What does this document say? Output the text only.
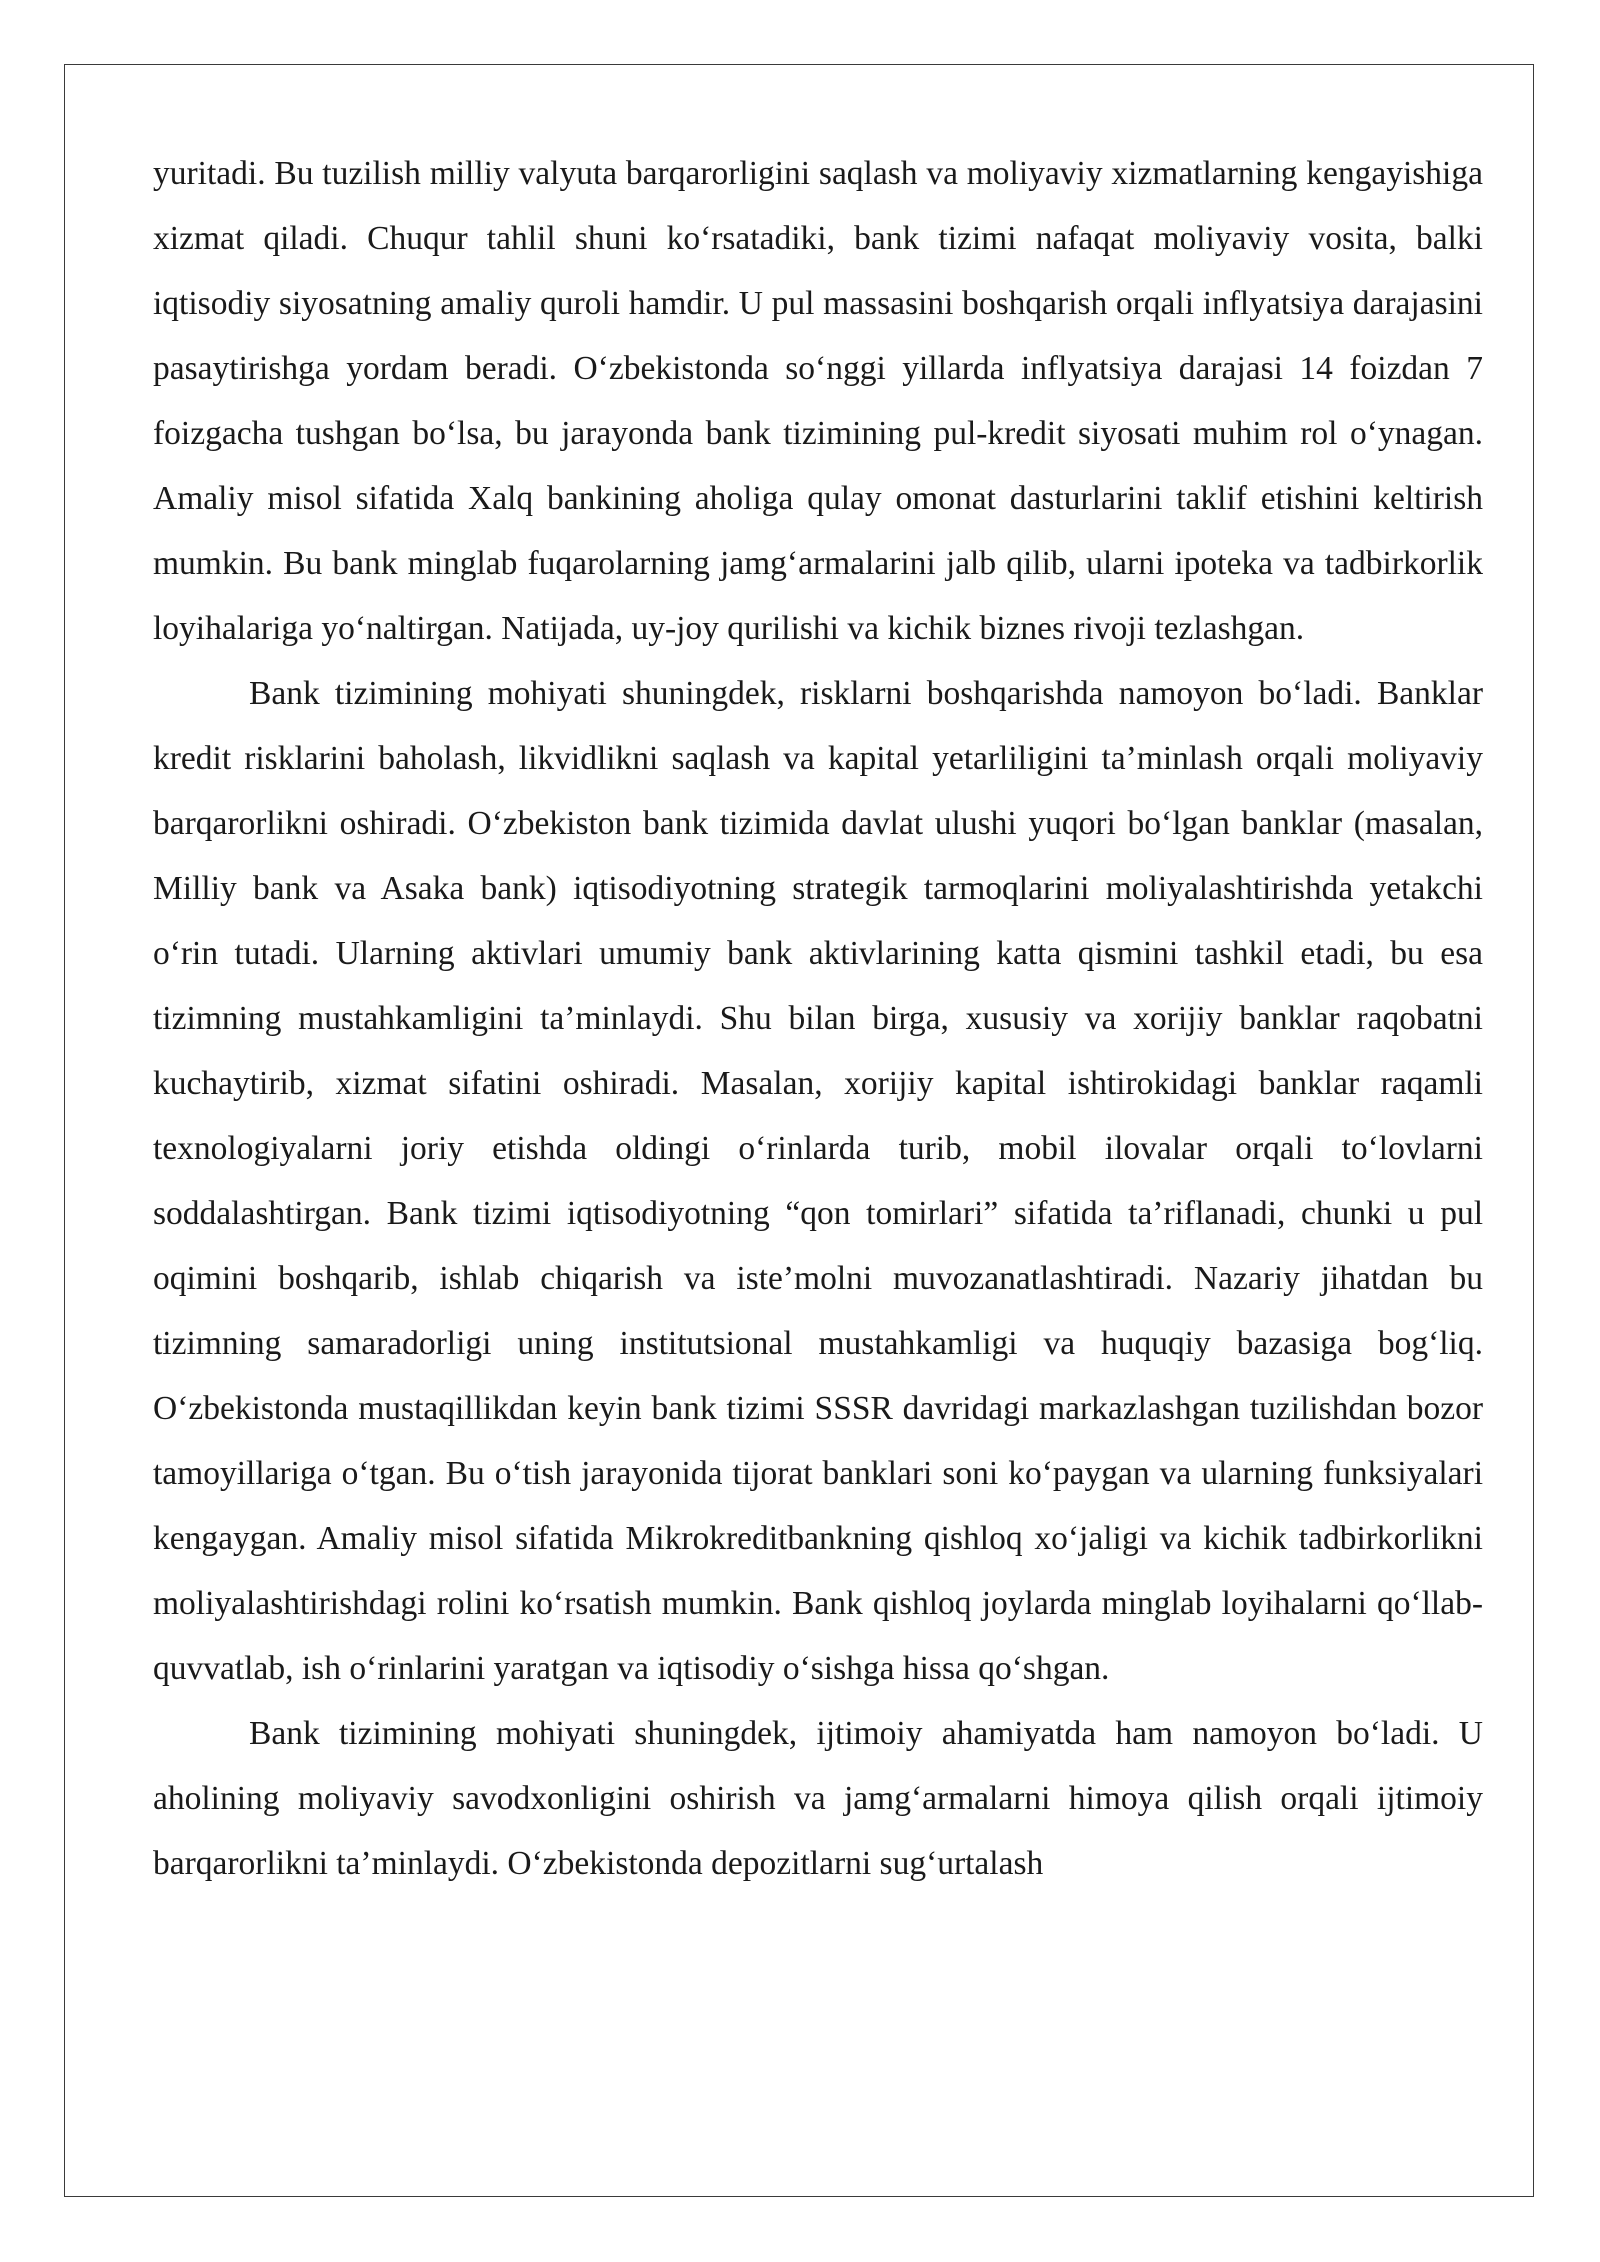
yuritadi. Bu tuzilish milliy valyuta barqarorligini saqlash va moliyaviy xizmatlarning kengayishiga xizmat qiladi. Chuqur tahlil shuni ko‘rsatadiki, bank tizimi nafaqat moliyaviy vosita, balki iqtisodiy siyosatning amaliy quroli hamdir. U pul massasini boshqarish orqali inflyatsiya darajasini pasaytirishga yordam beradi. O‘zbekistonda so‘nggi yillarda inflyatsiya darajasi 14 foizdan 7 foizgacha tushgan bo‘lsa, bu jarayonda bank tizimining pul-kredit siyosati muhim rol o‘ynagan. Amaliy misol sifatida Xalq bankining aholiga qulay omonat dasturlarini taklif etishini keltirish mumkin. Bu bank minglab fuqarolarning jamg‘armalarini jalb qilib, ularni ipoteka va tadbirkorlik loyihalariga yo‘naltirgan. Natijada, uy-joy qurilishi va kichik biznes rivoji tezlashgan.

Bank tizimining mohiyati shuningdek, risklarni boshqarishda namoyon bo‘ladi. Banklar kredit risklarini baholash, likvidlikni saqlash va kapital yetarliligini ta’minlash orqali moliyaviy barqarorlikni oshiradi. O‘zbekiston bank tizimida davlat ulushi yuqori bo‘lgan banklar (masalan, Milliy bank va Asaka bank) iqtisodiyotning strategik tarmoqlarini moliyalashtirishda yetakchi o‘rin tutadi. Ularning aktivlari umumiy bank aktivlarining katta qismini tashkil etadi, bu esa tizimning mustahkamligini ta’minlaydi. Shu bilan birga, xususiy va xorijiy banklar raqobatni kuchaytirib, xizmat sifatini oshiradi. Masalan, xorijiy kapital ishtirokidagi banklar raqamli texnologiyalarni joriy etishda oldingi o‘rinlarda turib, mobil ilovalar orqali to‘lovlarni soddalashtirgan. Bank tizimi iqtisodiyotning “qon tomirlari” sifatida ta’riflanadi, chunki u pul oqimini boshqarib, ishlab chiqarish va iste’molni muvozanatlashtiradi. Nazariy jihatdan bu tizimning samaradorligi uning institutsional mustahkamligi va huquqiy bazasiga bog‘liq. O‘zbekistonda mustaqillikdan keyin bank tizimi SSSR davridagi markazlashgan tuzilishdan bozor tamoyillariga o‘tgan. Bu o‘tish jarayonida tijorat banklari soni ko‘paygan va ularning funksiyalari kengaygan. Amaliy misol sifatida Mikrokreditbankning qishloq xo‘jaligi va kichik tadbirkorlikni moliyalashtirishdagi rolini ko‘rsatish mumkin. Bank qishloq joylarda minglab loyihalarni qo‘llab-quvvatlab, ish o‘rinlarini yaratgan va iqtisodiy o‘sishga hissa qo‘shgan.

Bank tizimining mohiyati shuningdek, ijtimoiy ahamiyatda ham namoyon bo‘ladi. U aholining moliyaviy savodxonligini oshirish va jamg‘armalarni himoya qilish orqali ijtimoiy barqarorlikni ta’minlaydi. O‘zbekistonda depozitlarni sug‘urtalash
